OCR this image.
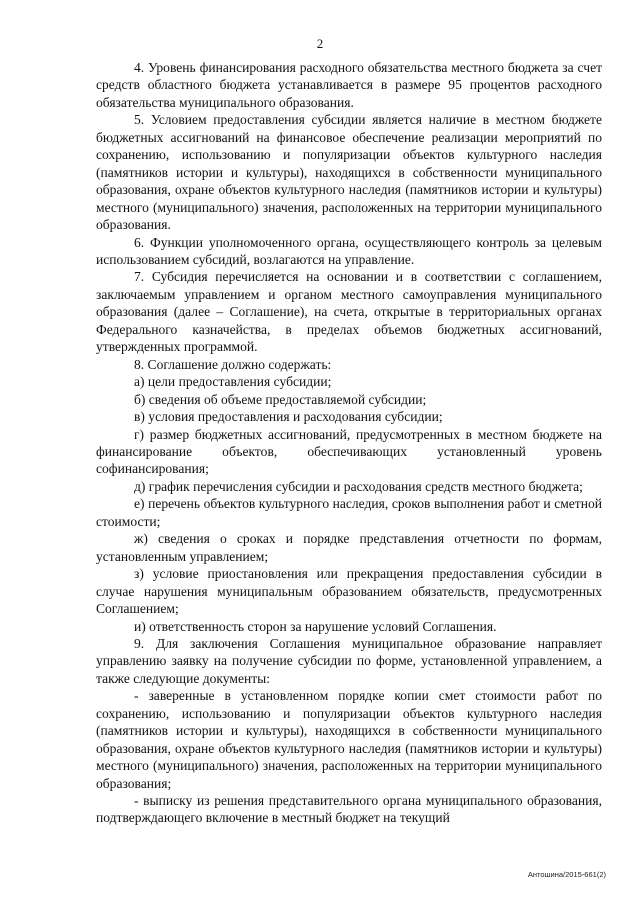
2

4. Уровень финансирования расходного обязательства местного бюджета за счет средств областного бюджета устанавливается в размере 95 процентов расходного обязательства муниципального образования.

5. Условием предоставления субсидии является наличие в местном бюджете бюджетных ассигнований на финансовое обеспечение реализации мероприятий по сохранению, использованию и популяризации объектов культурного наследия (памятников истории и культуры), находящихся в собственности муниципального образования, охране объектов культурного наследия (памятников истории и культуры) местного (муниципального) значения, расположенных на территории муниципального образования.

6. Функции уполномоченного органа, осуществляющего контроль за целевым использованием субсидий, возлагаются на управление.

7. Субсидия перечисляется на основании и в соответствии с соглашением, заключаемым управлением и органом местного самоуправления муниципального образования (далее – Соглашение), на счета, открытые в территориальных органах Федерального казначейства, в пределах объемов бюджетных ассигнований, утвержденных программой.

8. Соглашение должно содержать:

а) цели предоставления субсидии;

б) сведения об объеме предоставляемой субсидии;

в) условия предоставления и расходования субсидии;

г) размер бюджетных ассигнований, предусмотренных в местном бюджете на финансирование объектов, обеспечивающих установленный уровень софинансирования;

д) график перечисления субсидии и расходования средств местного бюджета;

е) перечень объектов культурного наследия, сроков выполнения работ и сметной стоимости;

ж) сведения о сроках и порядке представления отчетности по формам, установленным управлением;

з) условие приостановления или прекращения предоставления субсидии в случае нарушения муниципальным образованием обязательств, предусмотренных Соглашением;

и) ответственность сторон за нарушение условий Соглашения.

9. Для заключения Соглашения муниципальное образование направляет управлению заявку на получение субсидии по форме, установленной управлением, а также следующие документы:

- заверенные в установленном порядке копии смет стоимости работ по сохранению, использованию и популяризации объектов культурного наследия (памятников истории и культуры), находящихся в собственности муниципального образования, охране объектов культурного наследия (памятников истории и культуры) местного (муниципального) значения, расположенных на территории муниципального образования;

- выписку из решения представительного органа муниципального образования, подтверждающего включение в местный бюджет на текущий

Антошина/2015-661(2)
